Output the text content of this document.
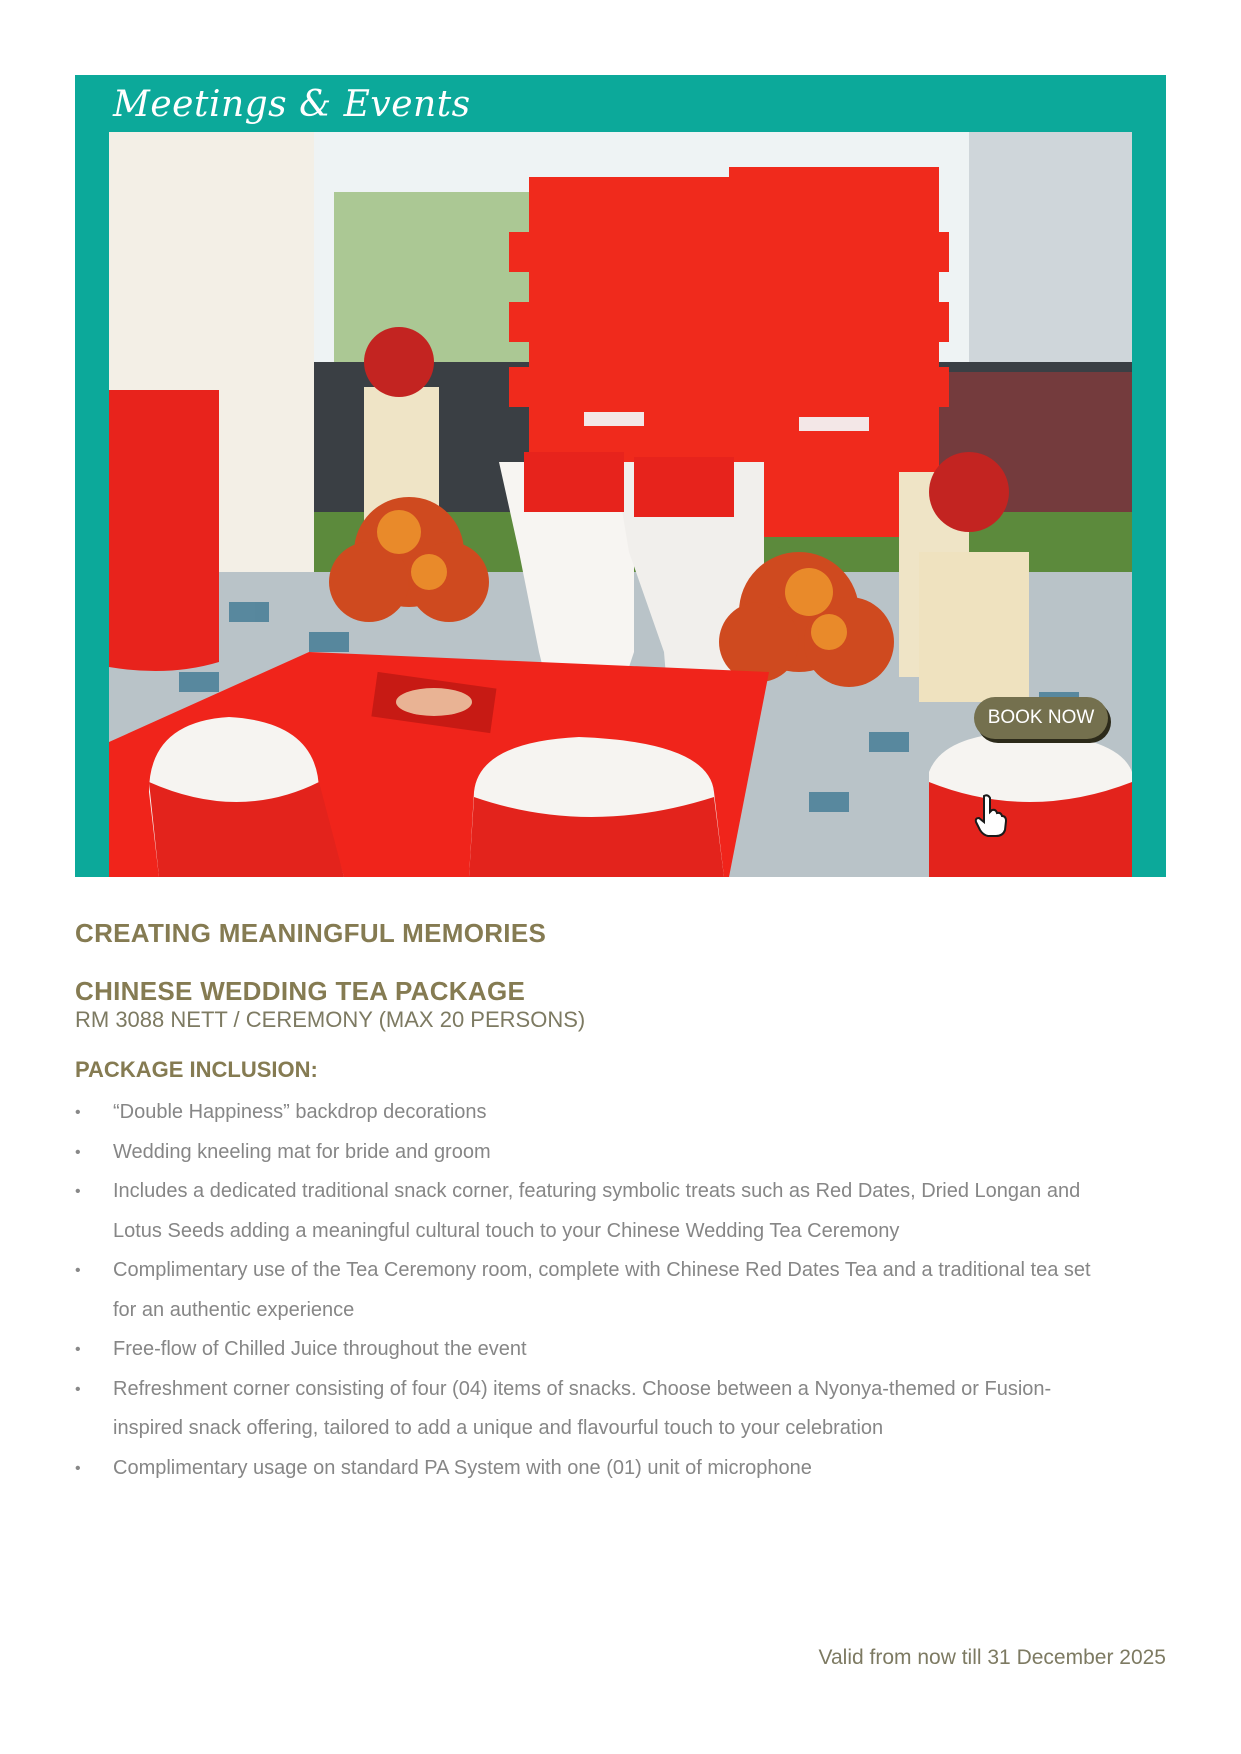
Meetings & Events
BOOK NOW
CREATING MEANINGFUL MEMORIES
CHINESE WEDDING TEA PACKAGE
RM 3088 NETT / CEREMONY (MAX 20 PERSONS)
PACKAGE INCLUSION:
• “Double Happiness” backdrop decorations
• Wedding kneeling mat for bride and groom
• Includes a dedicated traditional snack corner, featuring symbolic treats such as Red Dates, Dried Longan and Lotus Seeds adding a meaningful cultural touch to your Chinese Wedding Tea Ceremony
• Complimentary use of the Tea Ceremony room, complete with Chinese Red Dates Tea and a traditional tea set for an authentic experience
• Free-flow of Chilled Juice throughout the event
• Refreshment corner consisting of four (04) items of snacks. Choose between a Nyonya-themed or Fusion-inspired snack offering, tailored to add a unique and flavourful touch to your celebration
• Complimentary usage on standard PA System with one (01) unit of microphone
Valid from now till 31 December 2025
